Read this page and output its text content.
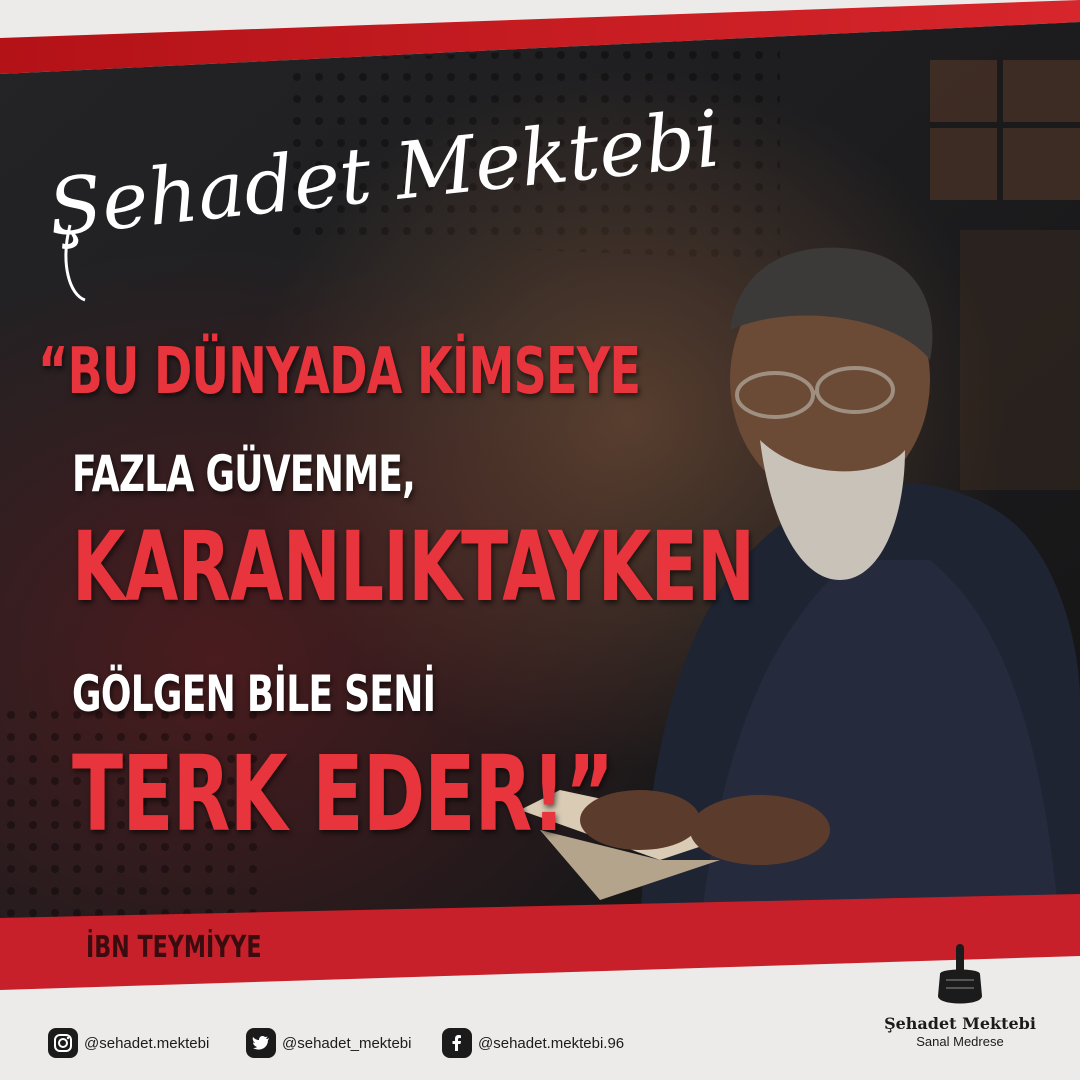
Şehadet Mektebi
“BU DÜNYADA KİMSEYE
FAZLA GÜVENME,
KARANLIKTAYKEN
GÖLGEN BİLE SENİ
TERK EDER!”
İBN TEYMİYYE
@sehadet.mektebi	@sehadet_mektebi	@sehadet.mektebi.96
Şehadet Mektebi
Sanal Medrese
